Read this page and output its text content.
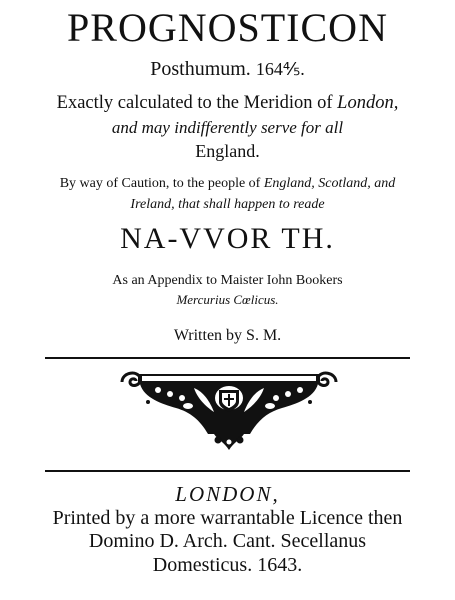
PROGNOSTICON
Posthumum. 164⅘.
Exactly calculated to the Meridion of London,
and may indifferently serve for all
England.
By way of Caution, to the people of England, Scotland, and
Ireland, that shall happen to reade
NA-VVOR TH.
As an Appendix to Maister Iohn Bookers
Mercurius Cœlicus.
Written by S. M.
LONDON,
Printed by a more warrantable Licence then
Domino D. Arch. Cant. Secellanus
Domesticus. 1643.
